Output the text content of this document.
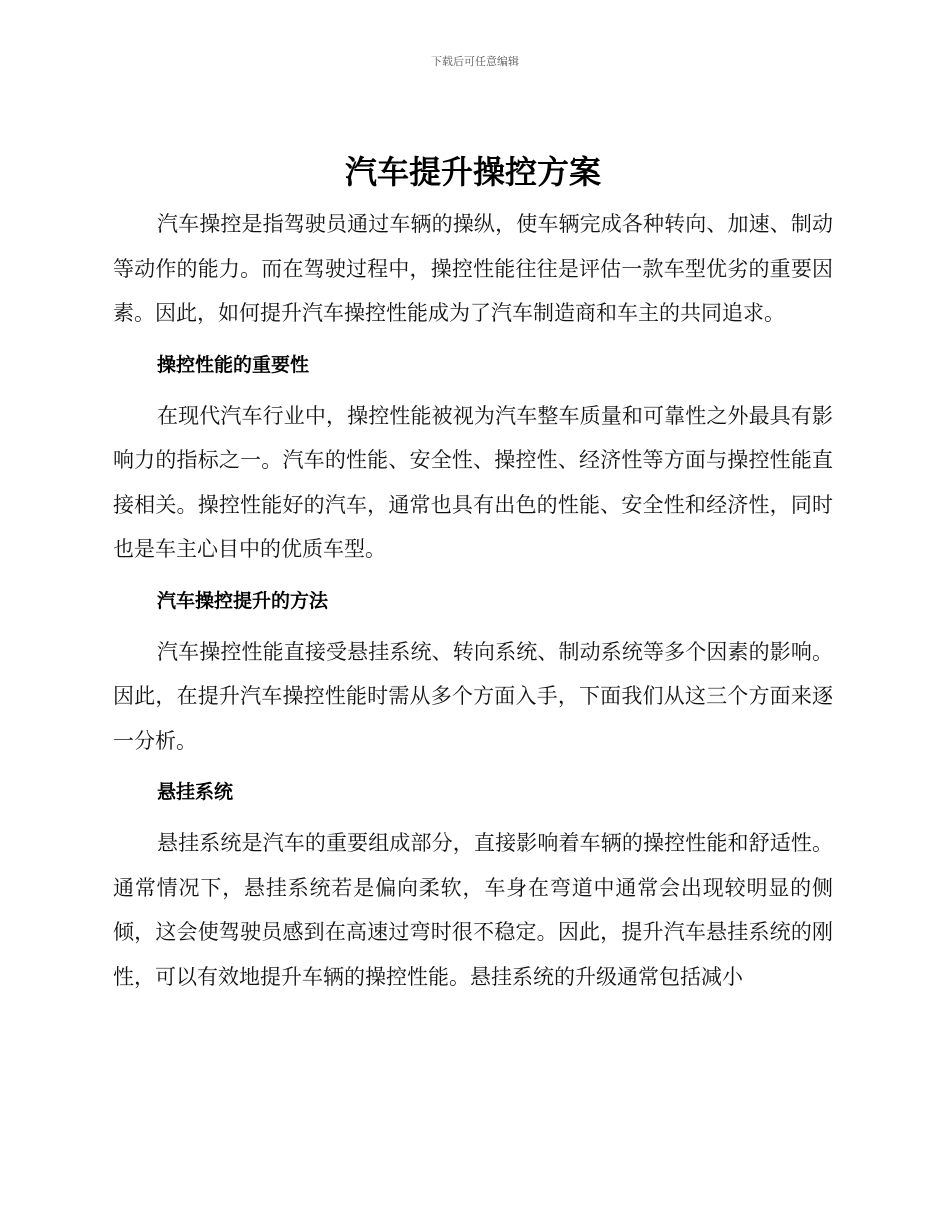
下载后可任意编辑
汽车提升操控方案

汽车操控是指驾驶员通过车辆的操纵，使车辆完成各种转向、加速、制动等动作的能力。而在驾驶过程中，操控性能往往是评估一款车型优劣的重要因素。因此，如何提升汽车操控性能成为了汽车制造商和车主的共同追求。

操控性能的重要性

在现代汽车行业中，操控性能被视为汽车整车质量和可靠性之外最具有影响力的指标之一。汽车的性能、安全性、操控性、经济性等方面与操控性能直接相关。操控性能好的汽车，通常也具有出色的性能、安全性和经济性，同时也是车主心目中的优质车型。

汽车操控提升的方法

汽车操控性能直接受悬挂系统、转向系统、制动系统等多个因素的影响。因此，在提升汽车操控性能时需从多个方面入手，下面我们从这三个方面来逐一分析。

悬挂系统

悬挂系统是汽车的重要组成部分，直接影响着车辆的操控性能和舒适性。通常情况下，悬挂系统若是偏向柔软，车身在弯道中通常会出现较明显的侧倾，这会使驾驶员感到在高速过弯时很不稳定。因此，提升汽车悬挂系统的刚性，可以有效地提升车辆的操控性能。悬挂系统的升级通常包括减小
